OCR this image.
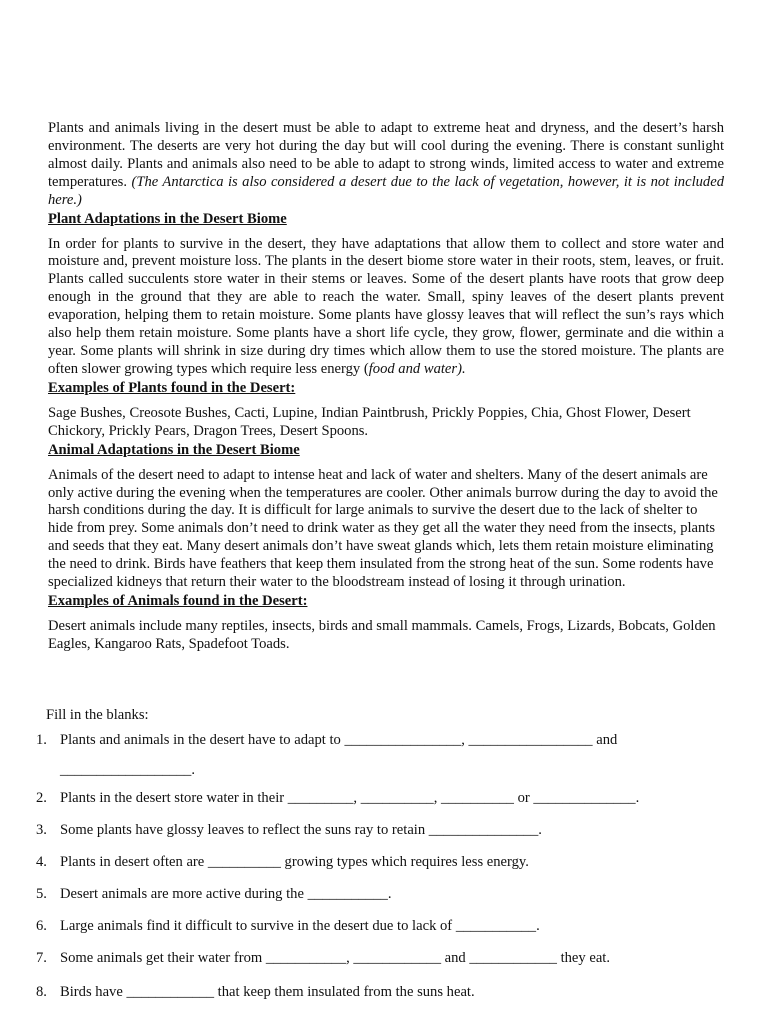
Plants and animals living in the desert must be able to adapt to extreme heat and dryness, and the desert’s harsh environment. The deserts are very hot during the day but will cool during the evening. There is constant sunlight almost daily. Plants and animals also need to be able to adapt to strong winds, limited access to water and extreme temperatures. (The Antarctica is also considered a desert due to the lack of vegetation, however, it is not included here.)

Plant Adaptations in the Desert Biome

In order for plants to survive in the desert, they have adaptations that allow them to collect and store water and moisture and, prevent moisture loss. The plants in the desert biome store water in their roots, stem, leaves, or fruit. Plants called succulents store water in their stems or leaves. Some of the desert plants have roots that grow deep enough in the ground that they are able to reach the water. Small, spiny leaves of the desert plants prevent evaporation, helping them to retain moisture. Some plants have glossy leaves that will reflect the sun’s rays which also help them retain moisture. Some plants have a short life cycle, they grow, flower, germinate and die within a year. Some plants will shrink in size during dry times which allow them to use the stored moisture. The plants are often slower growing types which require less energy (food and water).

Examples of Plants found in the Desert:

Sage Bushes, Creosote Bushes, Cacti, Lupine, Indian Paintbrush, Prickly Poppies, Chia, Ghost Flower, Desert Chickory, Prickly Pears, Dragon Trees, Desert Spoons.

Animal Adaptations in the Desert Biome

Animals of the desert need to adapt to intense heat and lack of water and shelters. Many of the desert animals are only active during the evening when the temperatures are cooler. Other animals burrow during the day to avoid the harsh conditions during the day. It is difficult for large animals to survive the desert due to the lack of shelter to hide from prey. Some animals don’t need to drink water as they get all the water they need from the insects, plants and seeds that they eat. Many desert animals don’t have sweat glands which, lets them retain moisture eliminating the need to drink. Birds have feathers that keep them insulated from the strong heat of the sun. Some rodents have specialized kidneys that return their water to the bloodstream instead of losing it through urination.

Examples of Animals found in the Desert:

Desert animals include many reptiles, insects, birds and small mammals. Camels, Frogs, Lizards, Bobcats, Golden Eagles, Kangaroo Rats, Spadefoot Toads.

Fill in the blanks:

1. Plants and animals in the desert have to adapt to ________________, _________________ and
__________________.

2. Plants in the desert store water in their _________, __________, __________ or ______________.

3. Some plants have glossy leaves to reflect the suns ray to retain _______________.

4. Plants in desert often are __________ growing types which requires less energy.

5. Desert animals are more active during the ___________.

6. Large animals find it difficult to survive in the desert due to lack of ___________.

7. Some animals get their water from ___________, ____________ and ____________ they eat.

8. Birds have ____________ that keep them insulated from the suns heat.
